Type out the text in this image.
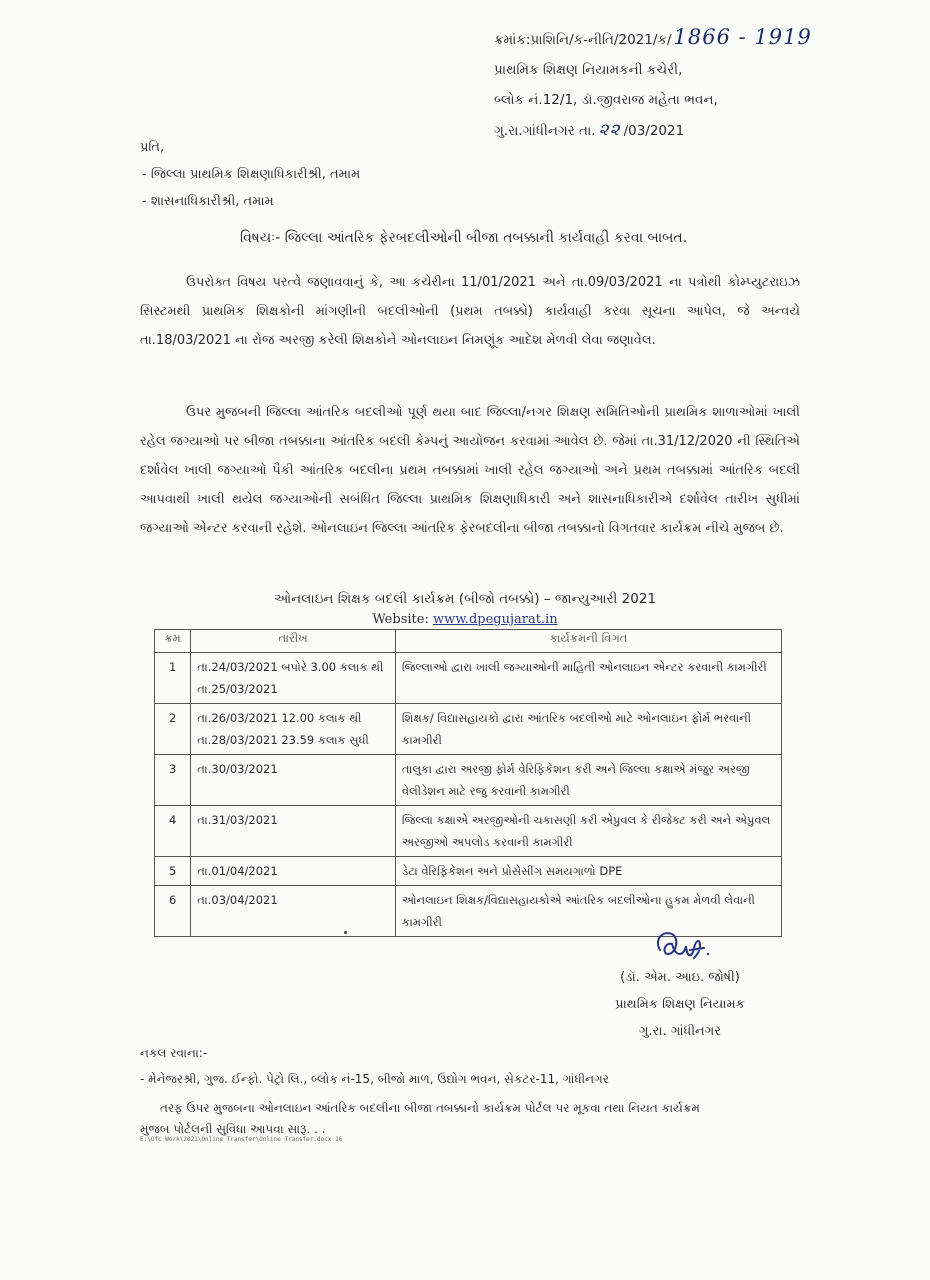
ક્રમાંક:પ્રાશિનિ/ક-નીતિ/2021/ક/ 1866 - 1919
પ્રાથમિક શિક્ષણ નિયામકની કચેરી,
બ્લોક નં.12/1, ડૉ.જીવરાજ મહેતા ભવન,
ગુ.રા.ગાંધીનગર તા. ૨૨ /03/2021
પ્રતિ,
- જિલ્લા પ્રાથમિક શિક્ષણાધિકારીશ્રી, તમામ
- શાસનાધિકારીશ્રી, તમામ
વિષયઃ- જિલ્લા આંતરિક ફેરબદલીઓની બીજા તબક્કાની કાર્યવાહી કરવા બાબત.
ઉપરોક્ત વિષય પરત્વે જણાવવાનું કે, આ કચેરીના 11/01/2021 અને તા.09/03/2021 ના પત્રોથી કોમ્પ્યુટરાઇઝ સિસ્ટમથી પ્રાથમિક શિક્ષકોની માંગણીની બદલીઓની (પ્રથમ તબક્કો) કાર્યવાહી કરવા સૂચના આપેલ, જે અન્વયે તા.18/03/2021 ના રોજ અરજી કરેલી શિક્ષકોને ઓનલાઇન નિમણૂંક આદેશ મેળવી લેવા જણાવેલ.
ઉપર મુજબની જિલ્લા આંતરિક બદલીઓ પૂર્ણ થયા બાદ જિલ્લા/નગર શિક્ષણ સમિતિઓની પ્રાથમિક શાળાઓમાં ખાલી રહેલ જગ્યાઓ પર બીજા તબક્કાના આંતરિક બદલી કેમ્પનું આયોજન કરવામાં આવેલ છે. જેમાં તા.31/12/2020 ની સ્થિતિએ દર્શાવેલ ખાલી જગ્યાઓ પૈકી આંતરિક બદલીના પ્રથમ તબક્કામાં ખાલી રહેલ જગ્યાઓ અને પ્રથમ તબક્કામાં આંતરિક બદલી આપવાથી ખાલી થયેલ જગ્યાઓની સબંધિત જિલ્લા પ્રાથમિક શિક્ષણાધિકારી અને શાસનાધિકારીએ દર્શાવેલ તારીખ સુધીમાં જગ્યાઓ એન્ટર કરવાની રહેશે. ઓનલાઇન જિલ્લા આંતરિક ફેરબદલીના બીજા તબક્કાનો વિગતવાર કાર્યક્રમ નીચે મુજબ છે.
ઓનલાઇન શિક્ષક બદલી કાર્યક્રમ (બીજો તબક્કો) – જાન્યુઆરી 2021
Website: www.dpegujarat.in
ક્રમ	તારીખ	કાર્યક્રમની વિગત
1	તા.24/03/2021 બપોરે 3.00 કલાક થી તા.25/03/2021	જિલ્લાઓ દ્વારા ખાલી જગ્યાઓની માહિતી ઓનલાઇન એન્ટર કરવાની કામગીરી
2	તા.26/03/2021 12.00 કલાક થી તા.28/03/2021 23.59 કલાક સુધી	શિક્ષક/ વિદ્યાસહાયકો દ્વારા આંતરિક બદલીઓ માટે ઓનલાઇન ફોર્મ ભરવાની કામગીરી
3	તા.30/03/2021	તાલુકા દ્વારા અરજી ફોર્મ વેરિફિકેશન કરી અને જિલ્લા કક્ષાએ મંજુર અરજી વેલીડેશન માટે રજુ કરવાની કામગીરી
4	તા.31/03/2021	જિલ્લા કક્ષાએ અરજીઓની ચકાસણી કરી એપ્રુવલ કે રીજેક્ટ કરી અને એપ્રુવલ અરજીઓ અપલોડ કરવાની કામગીરી
5	તા.01/04/2021	ડેટા વેરિફિકેશન અને પ્રોસેસીંગ સમયગાળો DPE
6	તા.03/04/2021	ઓનલાઇન શિક્ષક/વિદ્યાસહાયકોએ આંતરિક બદલીઓના હુકમ મેળવી લેવાની કામગીરી
(ડૉ. એમ. આઇ. જોષી)
પ્રાથમિક શિક્ષણ નિયામક
ગુ.રા. ગાંધીનગર
નકલ રવાના:-
- મેનેજરશ્રી, ગુજ. ઈન્ફો. પેટ્રો લિ., બ્લોક નં-15, બીજો માળ, ઉદ્યોગ ભવન, સેકટર-11, ગાંધીનગર
તરફ ઉપર મુજબના ઓનલાઇન આંતરિક બદલીના બીજા તબક્કાનો કાર્યક્રમ પોર્ટલ પર મૂકવા તથા નિયત કાર્યક્રમ
મુજબ પોર્ટલની સુવિધા આપવા સારૂ. . .
E:\Ofc Work\2021\Online Transfer\Online Transfer.docx 16
